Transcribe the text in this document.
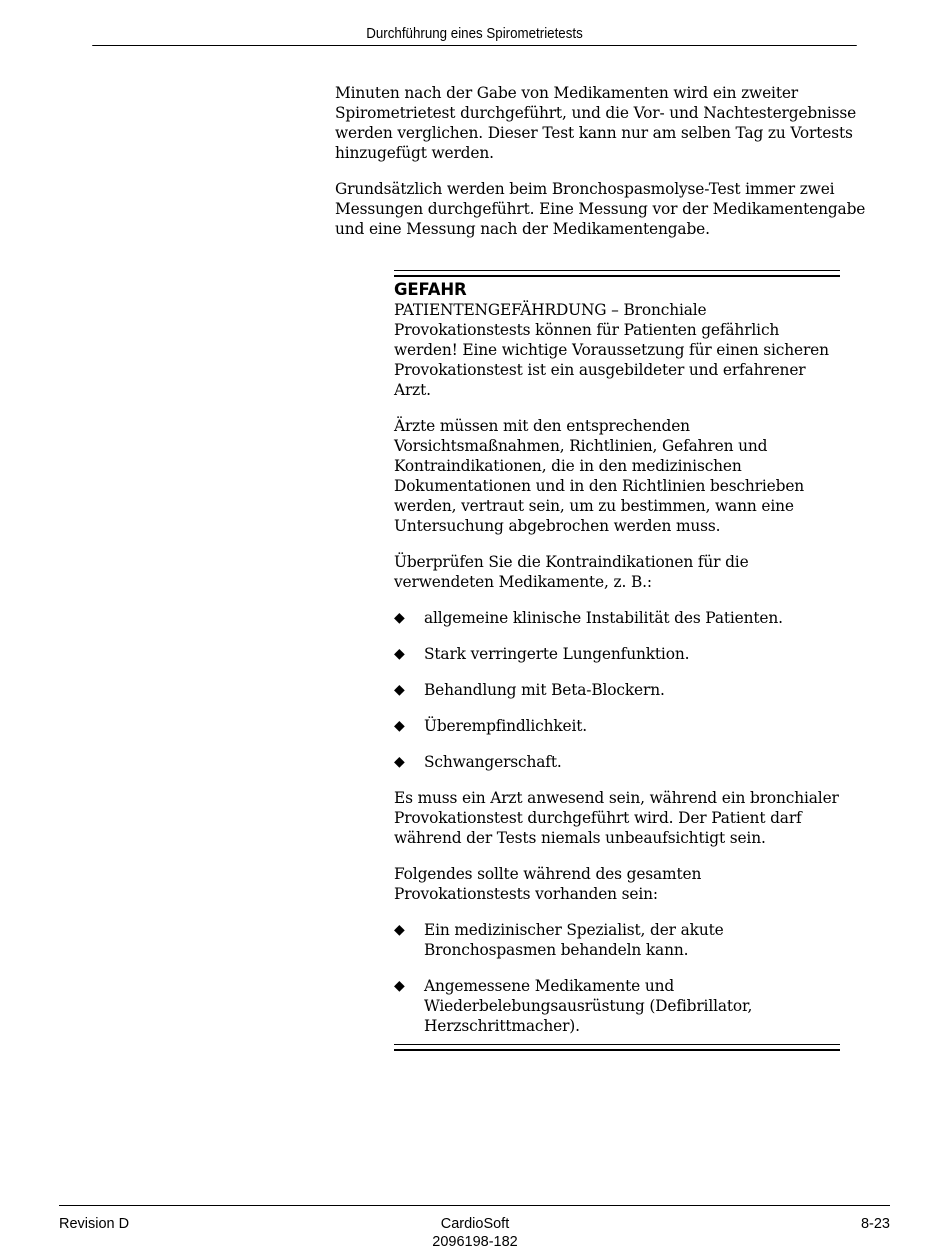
Durchführung eines Spirometrietests

Minuten nach der Gabe von Medikamenten wird ein zweiter Spirometrietest durchgeführt, und die Vor- und Nachtestergebnisse werden verglichen. Dieser Test kann nur am selben Tag zu Vortests hinzugefügt werden.

Grundsätzlich werden beim Bronchospasmolyse-Test immer zwei Messungen durchgeführt. Eine Messung vor der Medikamentengabe und eine Messung nach der Medikamentengabe.

GEFAHR

PATIENTENGEFÄHRDUNG – Bronchiale Provokationstests können für Patienten gefährlich werden! Eine wichtige Voraussetzung für einen sicheren Provokationstest ist ein ausgebildeter und erfahrener Arzt.

Ärzte müssen mit den entsprechenden Vorsichtsmaßnahmen, Richtlinien, Gefahren und Kontraindikationen, die in den medizinischen Dokumentationen und in den Richtlinien beschrieben werden, vertraut sein, um zu bestimmen, wann eine Untersuchung abgebrochen werden muss.

Überprüfen Sie die Kontraindikationen für die verwendeten Medikamente, z. B.:

◆ allgemeine klinische Instabilität des Patienten.
◆ Stark verringerte Lungenfunktion.
◆ Behandlung mit Beta-Blockern.
◆ Überempfindlichkeit.
◆ Schwangerschaft.

Es muss ein Arzt anwesend sein, während ein bronchialer Provokationstest durchgeführt wird. Der Patient darf während der Tests niemals unbeaufsichtigt sein.

Folgendes sollte während des gesamten Provokationstests vorhanden sein:

◆ Ein medizinischer Spezialist, der akute Bronchospasmen behandeln kann.
◆ Angemessene Medikamente und Wiederbelebungsausrüstung (Defibrillator, Herzschrittmacher).
Revision D	CardioSoft
2096198-182
8-23
